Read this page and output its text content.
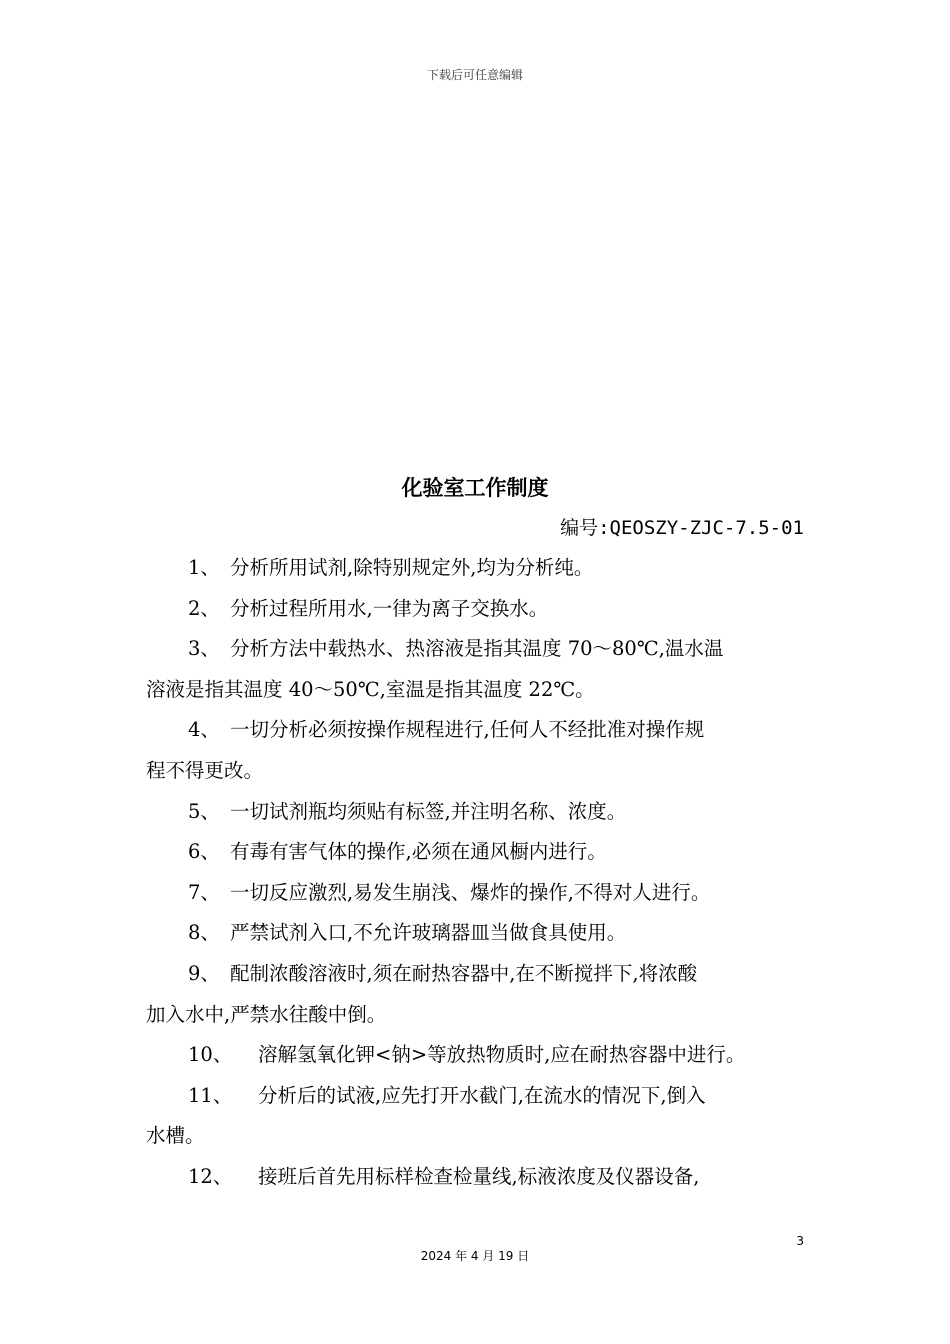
下载后可任意编辑
化验室工作制度
编号:QEOSZY-ZJC-7.5-01
1、 分析所用试剂,除特别规定外,均为分析纯。
2、 分析过程所用水,一律为离子交换水。
3、 分析方法中载热水、热溶液是指其温度 70～80℃,温水温
溶液是指其温度 40～50℃,室温是指其温度 22℃。
4、 一切分析必须按操作规程进行,任何人不经批准对操作规
程不得更改。
5、 一切试剂瓶均须贴有标签,并注明名称、浓度。
6、 有毒有害气体的操作,必须在通风橱内进行。
7、 一切反应激烈,易发生崩浅、爆炸的操作,不得对人进行。
8、 严禁试剂入口,不允许玻璃器皿当做食具使用。
9、 配制浓酸溶液时,须在耐热容器中,在不断搅拌下,将浓酸
加入水中,严禁水往酸中倒。
10、 溶解氢氧化钾<钠>等放热物质时,应在耐热容器中进行。
11、 分析后的试液,应先打开水截门,在流水的情况下,倒入
水槽。
12、 接班后首先用标样检查检量线,标液浓度及仪器设备,
3
2024 年 4 月 19 日
